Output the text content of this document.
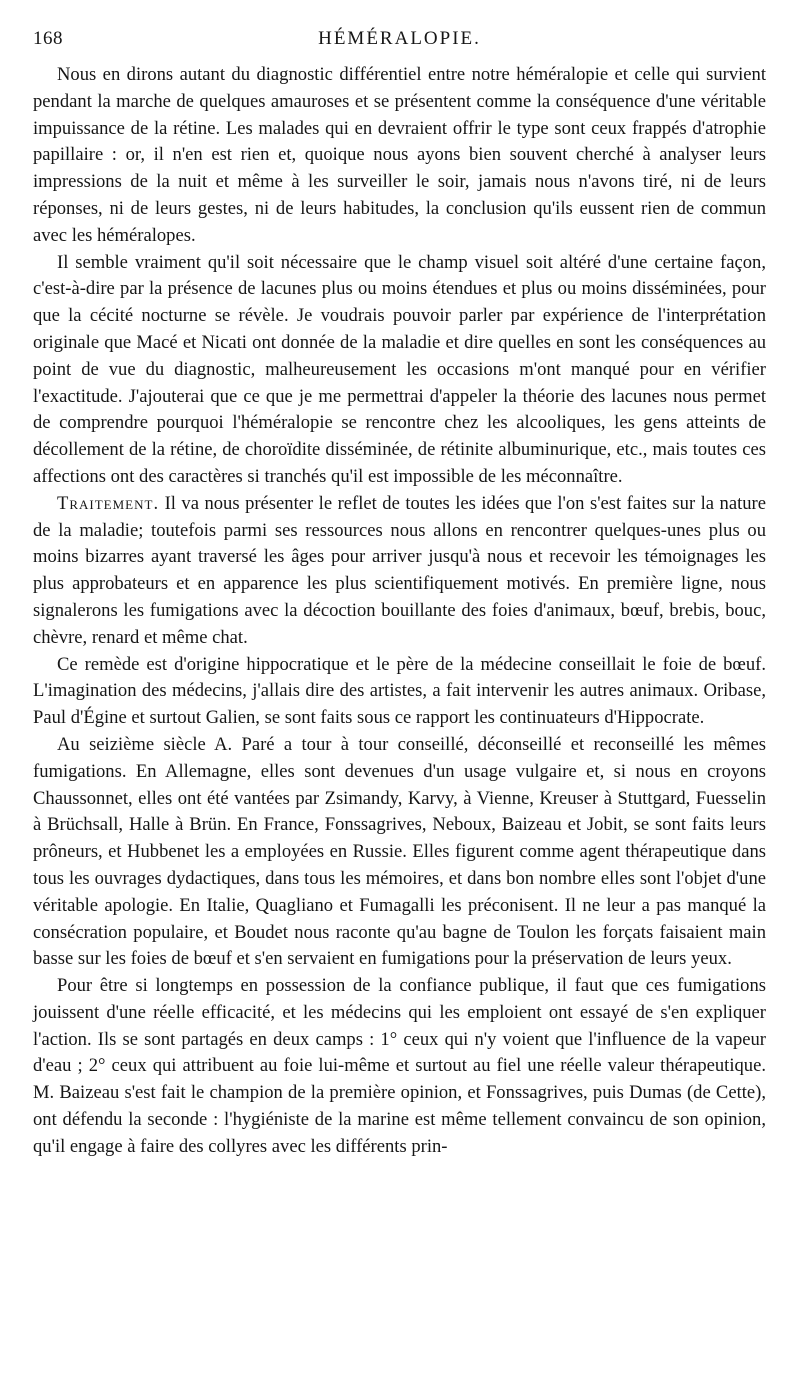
168	HÉMÉRALOPIE.

Nous en dirons autant du diagnostic différentiel entre notre héméralopie et celle qui survient pendant la marche de quelques amauroses et se présentent comme la conséquence d'une véritable impuissance de la rétine. Les malades qui en devraient offrir le type sont ceux frappés d'atrophie papillaire : or, il n'en est rien et, quoique nous ayons bien souvent cherché à analyser leurs impressions de la nuit et même à les surveiller le soir, jamais nous n'avons tiré, ni de leurs réponses, ni de leurs gestes, ni de leurs habitudes, la conclusion qu'ils eussent rien de commun avec les héméralopes.

Il semble vraiment qu'il soit nécessaire que le champ visuel soit altéré d'une certaine façon, c'est-à-dire par la présence de lacunes plus ou moins étendues et plus ou moins disséminées, pour que la cécité nocturne se révèle. Je voudrais pouvoir parler par expérience de l'interprétation originale que Macé et Nicati ont donnée de la maladie et dire quelles en sont les conséquences au point de vue du diagnostic, malheureusement les occasions m'ont manqué pour en vérifier l'exactitude. J'ajouterai que ce que je me permettrai d'appeler la théorie des lacunes nous permet de comprendre pourquoi l'héméralopie se rencontre chez les alcooliques, les gens atteints de décollement de la rétine, de choroïdite disséminée, de rétinite albuminurique, etc., mais toutes ces affections ont des caractères si tranchés qu'il est impossible de les méconnaître.

Traitement. Il va nous présenter le reflet de toutes les idées que l'on s'est faites sur la nature de la maladie; toutefois parmi ses ressources nous allons en rencontrer quelques-unes plus ou moins bizarres ayant traversé les âges pour arriver jusqu'à nous et recevoir les témoignages les plus approbateurs et en apparence les plus scientifiquement motivés. En première ligne, nous signalerons les fumigations avec la décoction bouillante des foies d'animaux, bœuf, brebis, bouc, chèvre, renard et même chat.

Ce remède est d'origine hippocratique et le père de la médecine conseillait le foie de bœuf. L'imagination des médecins, j'allais dire des artistes, a fait intervenir les autres animaux. Oribase, Paul d'Égine et surtout Galien, se sont faits sous ce rapport les continuateurs d'Hippocrate.

Au seizième siècle A. Paré a tour à tour conseillé, déconseillé et reconseillé les mêmes fumigations. En Allemagne, elles sont devenues d'un usage vulgaire et, si nous en croyons Chaussonnet, elles ont été vantées par Zsimandy, Karvy, à Vienne, Kreuser à Stuttgard, Fuesselin à Brüchsall, Halle à Brün. En France, Fonssagrives, Neboux, Baizeau et Jobit, se sont faits leurs prôneurs, et Hubbenet les a employées en Russie. Elles figurent comme agent thérapeutique dans tous les ouvrages dydactiques, dans tous les mémoires, et dans bon nombre elles sont l'objet d'une véritable apologie. En Italie, Quagliano et Fumagalli les préconisent. Il ne leur a pas manqué la consécration populaire, et Boudet nous raconte qu'au bagne de Toulon les forçats faisaient main basse sur les foies de bœuf et s'en servaient en fumigations pour la préservation de leurs yeux.

Pour être si longtemps en possession de la confiance publique, il faut que ces fumigations jouissent d'une réelle efficacité, et les médecins qui les emploient ont essayé de s'en expliquer l'action. Ils se sont partagés en deux camps : 1° ceux qui n'y voient que l'influence de la vapeur d'eau ; 2° ceux qui attribuent au foie lui-même et surtout au fiel une réelle valeur thérapeutique. M. Baizeau s'est fait le champion de la première opinion, et Fonssagrives, puis Dumas (de Cette), ont défendu la seconde : l'hygiéniste de la marine est même tellement convaincu de son opinion, qu'il engage à faire des collyres avec les différents prin-
